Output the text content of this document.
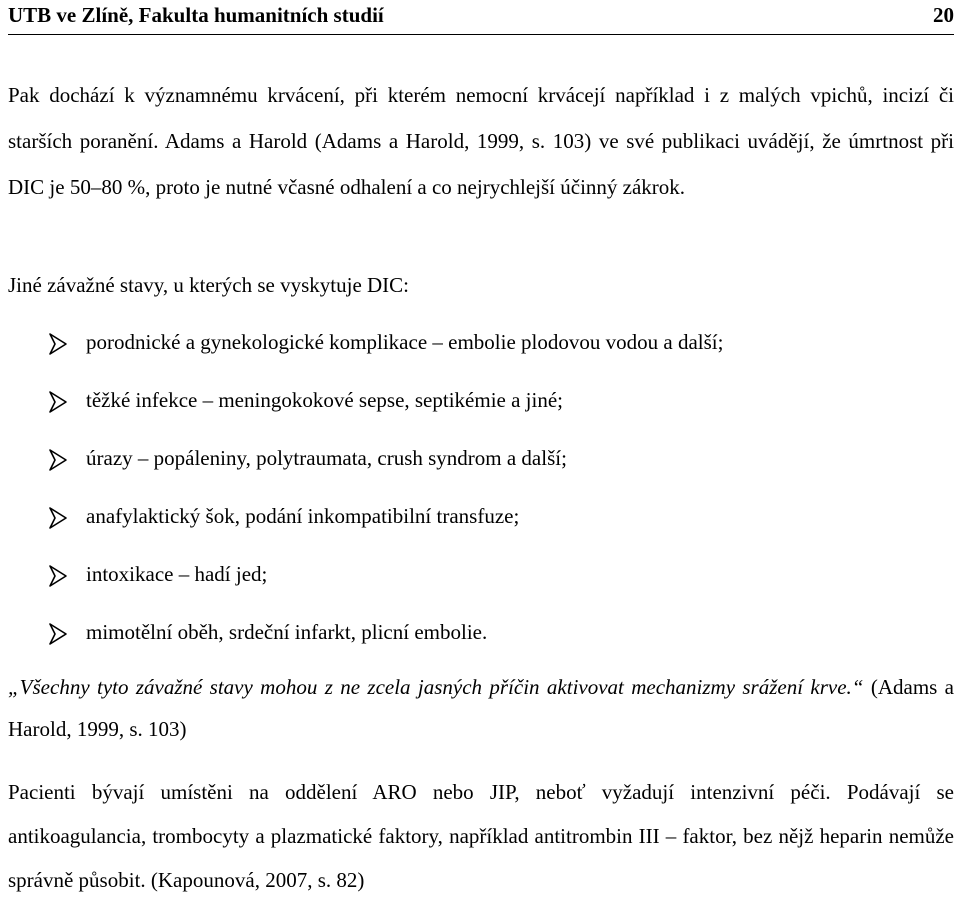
UTB ve Zlíně, Fakulta humanitních studií	20

Pak dochází k významnému krvácení, při kterém nemocní krvácejí například i z malých vpichů, incizí či starších poranění. Adams a Harold (Adams a Harold, 1999, s. 103) ve své publikaci uvádějí, že úmrtnost při DIC je 50–80 %, proto je nutné včasné odhalení a co nejrychlejší účinný zákrok.

Jiné závažné stavy, u kterých se vyskytuje DIC:

porodnické a gynekologické komplikace – embolie plodovou vodou a další;
těžké infekce – meningokokové sepse, septikémie a jiné;
úrazy – popáleniny, polytraumata, crush syndrom a další;
anafylaktický šok, podání inkompatibilní transfuze;
intoxikace – hadí jed;
mimotělní oběh, srdeční infarkt, plicní embolie.

„Všechny tyto závažné stavy mohou z ne zcela jasných příčin aktivovat mechanizmy srážení krve.“ (Adams a Harold, 1999, s. 103)

Pacienti bývají umístěni na oddělení ARO nebo JIP, neboť vyžadují intenzivní péči. Podávají se antikoagulancia, trombocyty a plazmatické faktory, například antitrombin III – faktor, bez nějž heparin nemůže správně působit. (Kapounová, 2007, s. 82)
